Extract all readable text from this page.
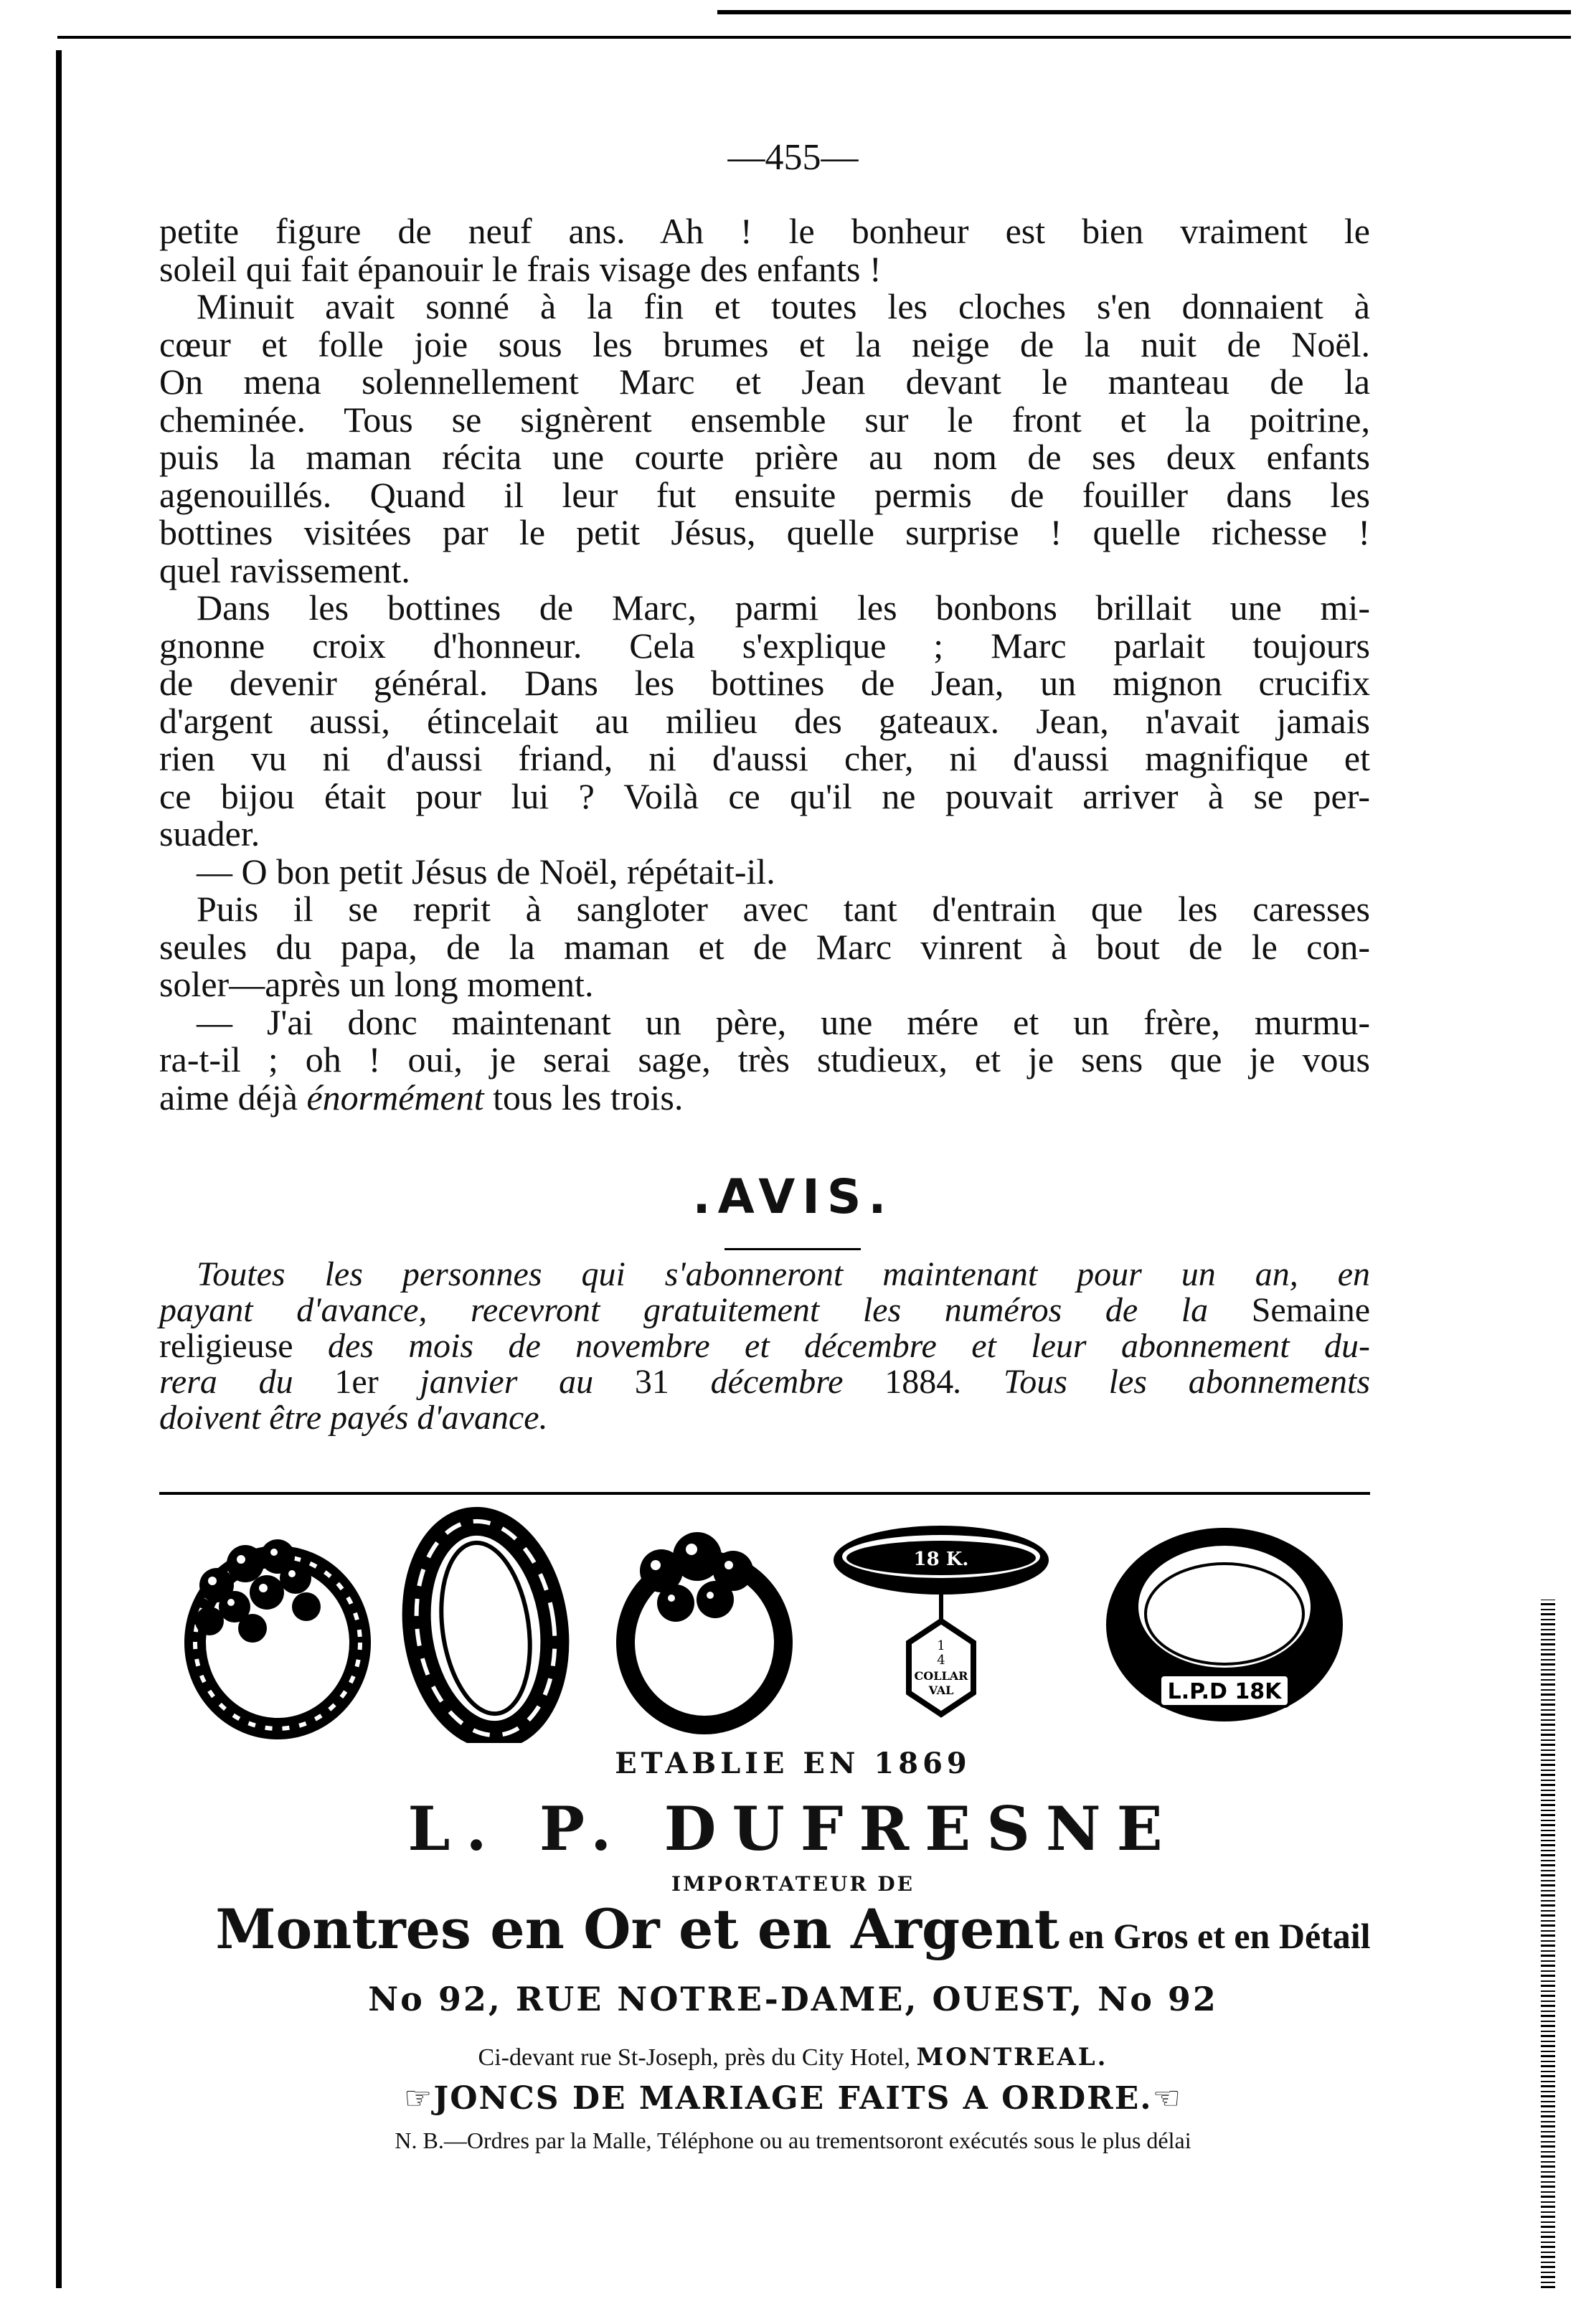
—455—
petite figure de neuf ans. Ah ! le bonheur est bien vraiment le
soleil qui fait épanouir le frais visage des enfants !
Minuit avait sonné à la fin et toutes les cloches s'en donnaient à
cœur et folle joie sous les brumes et la neige de la nuit de Noël.
On mena solennellement Marc et Jean devant le manteau de la
cheminée. Tous se signèrent ensemble sur le front et la poitrine,
puis la maman récita une courte prière au nom de ses deux enfants
agenouillés. Quand il leur fut ensuite permis de fouiller dans les
bottines visitées par le petit Jésus, quelle surprise ! quelle richesse !
quel ravissement.
Dans les bottines de Marc, parmi les bonbons brillait une mi-
gnonne croix d'honneur. Cela s'explique ; Marc parlait toujours
de devenir général. Dans les bottines de Jean, un mignon crucifix
d'argent aussi, étincelait au milieu des gateaux. Jean, n'avait jamais
rien vu ni d'aussi friand, ni d'aussi cher, ni d'aussi magnifique et
ce bijou était pour lui ? Voilà ce qu'il ne pouvait arriver à se per-
suader.
— O bon petit Jésus de Noël, répétait-il.
Puis il se reprit à sangloter avec tant d'entrain que les caresses
seules du papa, de la maman et de Marc vinrent à bout de le con-
soler—après un long moment.
— J'ai donc maintenant un père, une mére et un frère, murmu-
ra-t-il ; oh ! oui, je serai sage, très studieux, et je sens que je vous
aime déjà énormément tous les trois.
.AVIS.
Toutes les personnes qui s'abonneront maintenant pour un an, en
payant d'avance, recevront gratuitement les numéros de la Semaine
religieuse des mois de novembre et décembre et leur abonnement du-
rera du 1er janvier au 31 décembre 1884. Tous les abonnements
doivent être payés d'avance.
18 K.
1
4
COLLAR
VAL	L.P.D 18K
ETABLIE EN 1869
L. P. DUFRESNE
IMPORTATEUR DE
Montres en Or et en Argent en Gros et en Détail
No 92, RUE NOTRE-DAME, OUEST, No 92
Ci-devant rue St-Joseph, près du City Hotel, MONTREAL.
☞JONCS DE MARIAGE FAITS A ORDRE.☜
N. B.—Ordres par la Malle, Téléphone ou au trementsoront exécutés sous le plus délai
